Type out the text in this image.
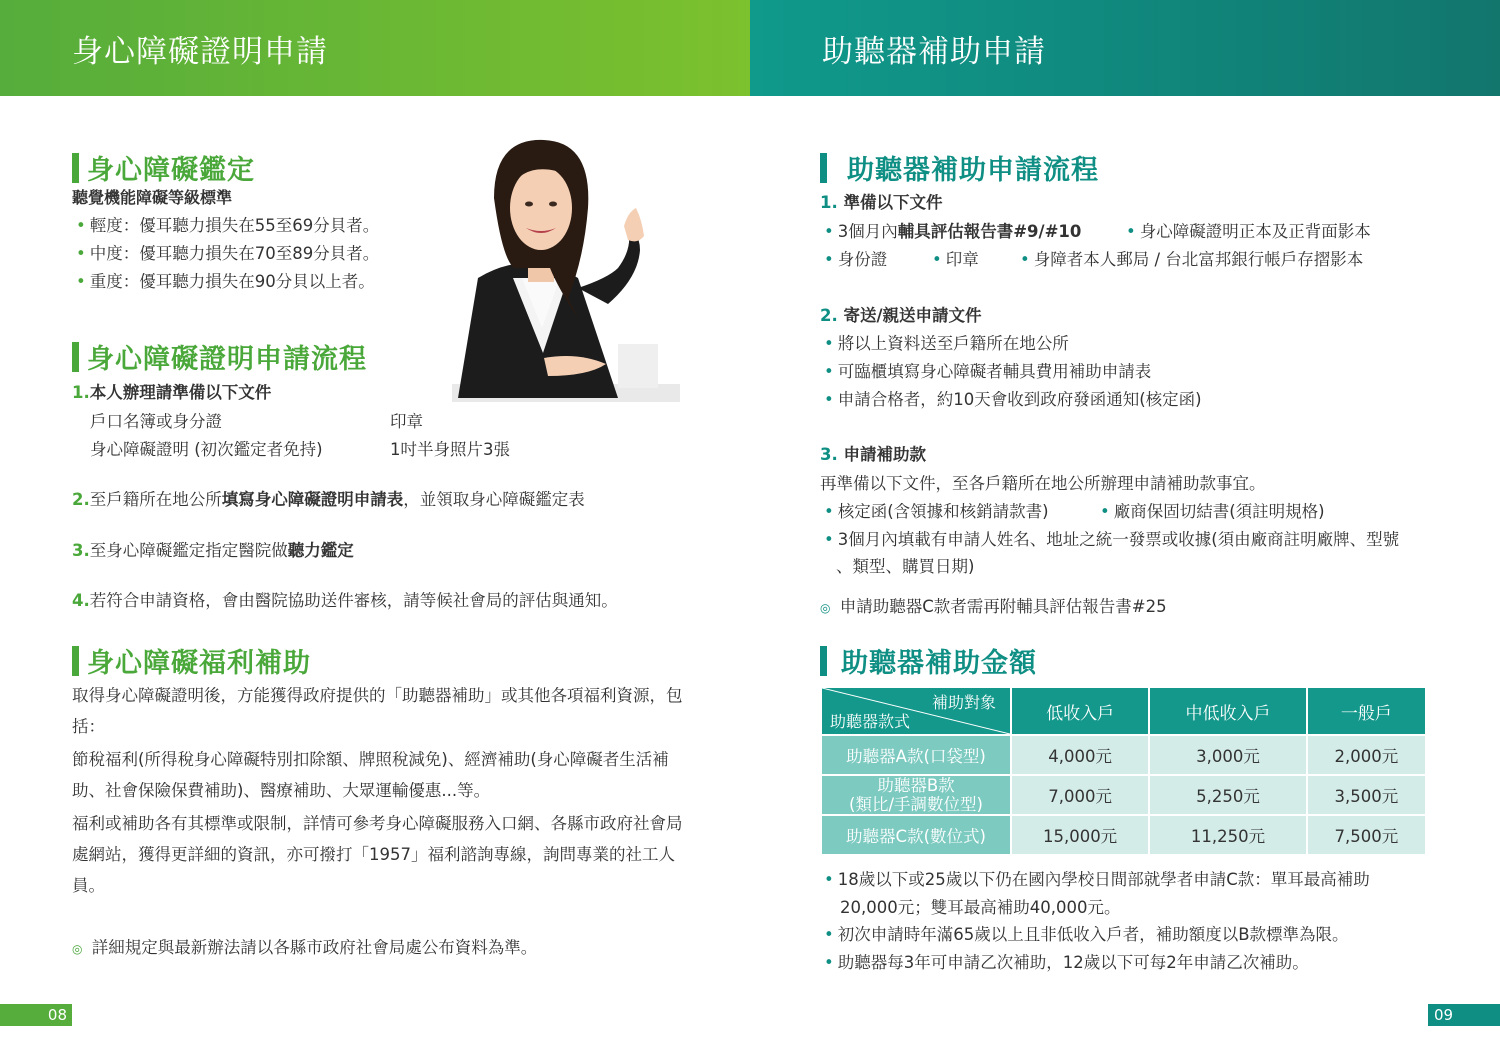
身心障礙證明申請	助聽器補助申請
身心障礙鑑定
聽覺機能障礙等級標準
• 輕度：優耳聽力損失在55至69分貝者。
• 中度：優耳聽力損失在70至89分貝者。
• 重度：優耳聽力損失在90分貝以上者。
身心障礙證明申請流程
1.本人辦理請準備以下文件
戶口名簿或身分證	印章
身心障礙證明 (初次鑑定者免持)	1吋半身照片3張
2.至戶籍所在地公所填寫身心障礙證明申請表，並領取身心障礙鑑定表
3.至身心障礙鑑定指定醫院做聽力鑑定
4.若符合申請資格，會由醫院協助送件審核，請等候社會局的評估與通知。
身心障礙福利補助
取得身心障礙證明後，方能獲得政府提供的「助聽器補助」或其他各項福利資源，包括：
節稅福利(所得稅身心障礙特別扣除額、牌照稅減免)、經濟補助(身心障礙者生活補助、社會保險保費補助)、醫療補助、大眾運輸優惠...等。
福利或補助各有其標準或限制，詳情可參考身心障礙服務入口網、各縣市政府社會局處網站，獲得更詳細的資訊，亦可撥打「1957」福利諮詢專線，詢問專業的社工人員。
◎ 詳細規定與最新辦法請以各縣市政府社會局處公布資料為準。
08
助聽器補助申請流程
1. 準備以下文件
• 3個月內輔具評估報告書#9/#10	• 身心障礙證明正本及正背面影本
• 身份證	• 印章	• 身障者本人郵局 / 台北富邦銀行帳戶存摺影本
2. 寄送/親送申請文件
• 將以上資料送至戶籍所在地公所
• 可臨櫃填寫身心障礙者輔具費用補助申請表
• 申請合格者，約10天會收到政府發函通知(核定函)
3. 申請補助款
再準備以下文件，至各戶籍所在地公所辦理申請補助款事宜。
• 核定函(含領據和核銷請款書)	• 廠商保固切結書(須註明規格)
• 3個月內填載有申請人姓名、地址之統一發票或收據(須由廠商註明廠牌、型號
、類型、購買日期)
◎ 申請助聽器C款者需再附輔具評估報告書#25
助聽器補助金額
補助對象
助聽器款式	低收入戶	中低收入戶	一般戶
助聽器A款(口袋型)	4,000元	3,000元	2,000元
助聽器B款
(類比/手調數位型)	7,000元	5,250元	3,500元
助聽器C款(數位式)	15,000元	11,250元	7,500元
• 18歲以下或25歲以下仍在國內學校日間部就學者申請C款：單耳最高補助
20,000元；雙耳最高補助40,000元。
• 初次申請時年滿65歲以上且非低收入戶者，補助額度以B款標準為限。
• 助聽器每3年可申請乙次補助，12歲以下可每2年申請乙次補助。
09
